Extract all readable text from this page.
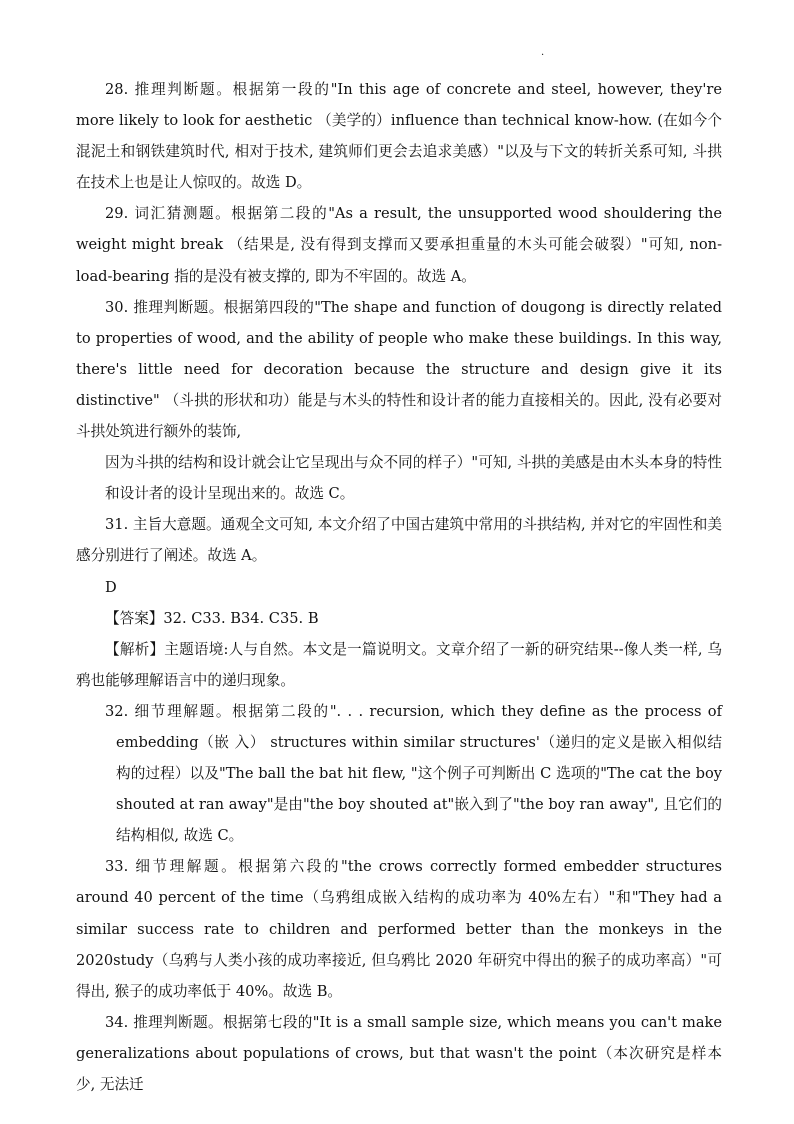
.

28. 推理判断题。根据第一段的"In this age of concrete and steel, however, they're more likely to look for aesthetic （美学的）influence than technical know-how. (在如今个混泥土和钢铁建筑时代, 相对于技术, 建筑师们更会去追求美感）"以及与下文的转折关系可知, 斗拱在技术上也是让人惊叹的。故选 D。

29. 词汇猜测题。根据第二段的"As a result, the unsupported wood shouldering the weight might break （结果是, 没有得到支撑而又要承担重量的木头可能会破裂）"可知, non-load-bearing 指的是没有被支撑的, 即为不牢固的。故选 A。

30. 推理判断题。根据第四段的"The shape and function of dougong is directly related to properties of wood, and the ability of people who make these buildings. In this way, there's little need for decoration because the structure and design give it its distinctive" （斗拱的形状和功）能是与木头的特性和设计者的能力直接相关的。因此, 没有必要对斗拱处筑进行额外的装饰,

因为斗拱的结构和设计就会让它呈现出与众不同的样子）"可知, 斗拱的美感是由木头本身的特性和设计者的设计呈现出来的。故选 C。

31. 主旨大意题。通观全文可知, 本文介绍了中国古建筑中常用的斗拱结构, 并对它的牢固性和美感分别进行了阐述。故选 A。

D

【答案】32. C33. B34. C35. B

【解析】主题语境:人与自然。本文是一篇说明文。文章介绍了一新的研究结果--像人类一样, 乌鸦也能够理解语言中的递归现象。

32. 细节理解题。根据第二段的". . . recursion, which they define as the process of embedding（嵌 入） structures within similar structures'（递归的定义是嵌入相似结构的过程）以及"The ball the bat hit flew, "这个例子可判断出 C 选项的"The cat the boy shouted at ran away"是由"the boy shouted at"嵌入到了"the boy ran away", 且它们的结构相似, 故选 C。

33. 细节理解题。根据第六段的"the crows correctly formed embedder structures around 40 percent of the time（乌鸦组成嵌入结构的成功率为 40%左右）"和"They had a similar success rate to children and performed better than the monkeys in the 2020study（乌鸦与人类小孩的成功率接近, 但乌鸦比 2020 年研究中得出的猴子的成功率高）"可得出, 猴子的成功率低于 40%。故选 B。

34. 推理判断题。根据第七段的"It is a small sample size, which means you can't make generalizations about populations of crows, but that wasn't the point（本次研究是样本少, 无法迁
